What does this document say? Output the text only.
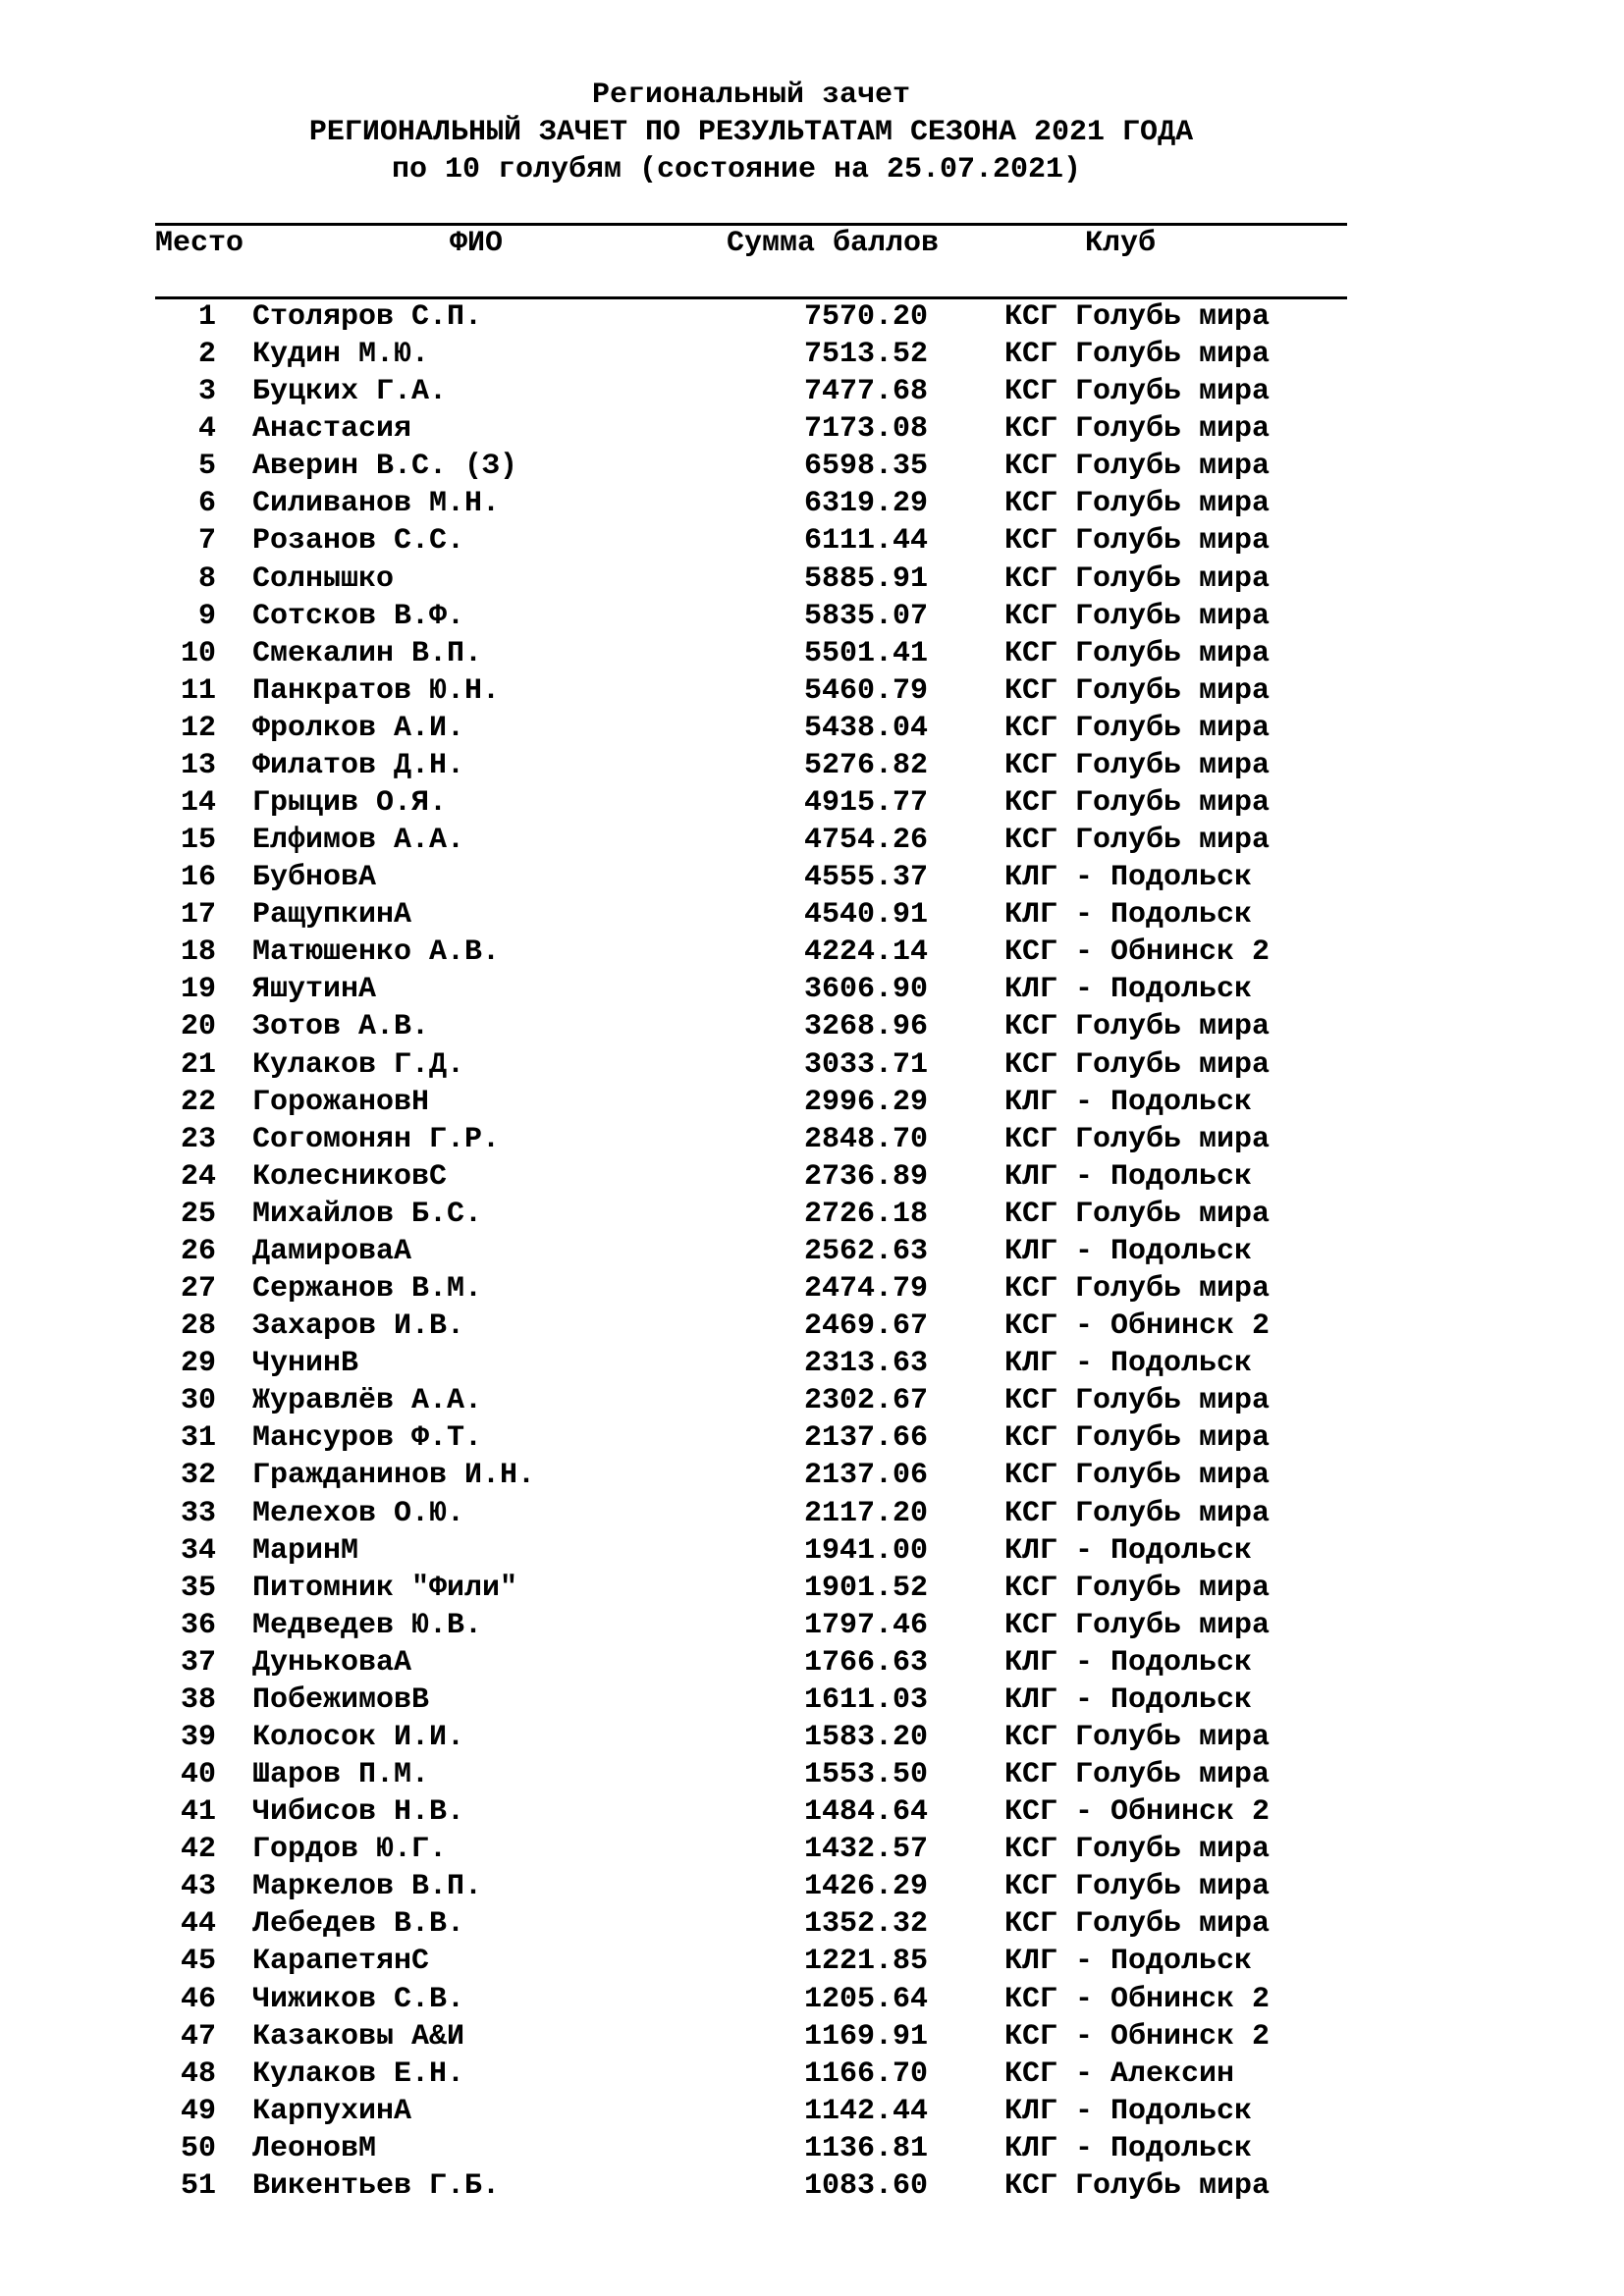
Региональный зачет
РЕГИОНАЛЬНЫЙ ЗАЧЕТ ПО РЕЗУЛЬТАТАМ СЕЗОНА 2021 ГОДА
по 10 голубям (состояние на 25.07.2021)
Место	ФИО	Сумма баллов	Клуб
1 Столяров С.П.	7570.20	КСГ Голубь мира
2 Кудин М.Ю.	7513.52	КСГ Голубь мира
3 Буцких Г.А.	7477.68	КСГ Голубь мира
4 Анастасия	7173.08	КСГ Голубь мира
5 Аверин В.С. (З)	6598.35	КСГ Голубь мира
6 Силиванов М.Н.	6319.29	КСГ Голубь мира
7 Розанов С.С.	6111.44	КСГ Голубь мира
8 Солнышко	5885.91	КСГ Голубь мира
9 Сотсков В.Ф.	5835.07	КСГ Голубь мира
10 Смекалин В.П.	5501.41	КСГ Голубь мира
11 Панкратов Ю.Н.	5460.79	КСГ Голубь мира
12 Фролков А.И.	5438.04	КСГ Голубь мира
13 Филатов Д.Н.	5276.82	КСГ Голубь мира
14 Грыцив О.Я.	4915.77	КСГ Голубь мира
15 Елфимов А.А.	4754.26	КСГ Голубь мира
16 БубновА	4555.37	КЛГ - Подольск
17 РащупкинА	4540.91	КЛГ - Подольск
18 Матюшенко А.В.	4224.14	КСГ - Обнинск 2
19 ЯшутинА	3606.90	КЛГ - Подольск
20 Зотов А.В.	3268.96	КСГ Голубь мира
21 Кулаков Г.Д.	3033.71	КСГ Голубь мира
22 ГорожановН	2996.29	КЛГ - Подольск
23 Согомонян Г.Р.	2848.70	КСГ Голубь мира
24 КолесниковС	2736.89	КЛГ - Подольск
25 Михайлов Б.С.	2726.18	КСГ Голубь мира
26 ДамироваА	2562.63	КЛГ - Подольск
27 Сержанов В.М.	2474.79	КСГ Голубь мира
28 Захаров И.В.	2469.67	КСГ - Обнинск 2
29 ЧунинВ	2313.63	КЛГ - Подольск
30 Журавлёв А.А.	2302.67	КСГ Голубь мира
31 Мансуров Ф.Т.	2137.66	КСГ Голубь мира
32 Гражданинов И.Н.	2137.06	КСГ Голубь мира
33 Мелехов О.Ю.	2117.20	КСГ Голубь мира
34 МаринМ	1941.00	КЛГ - Подольск
35 Питомник "Фили"	1901.52	КСГ Голубь мира
36 Медведев Ю.В.	1797.46	КСГ Голубь мира
37 ДуньковаА	1766.63	КЛГ - Подольск
38 ПобежимовВ	1611.03	КЛГ - Подольск
39 Колосок И.И.	1583.20	КСГ Голубь мира
40 Шаров П.М.	1553.50	КСГ Голубь мира
41 Чибисов Н.В.	1484.64	КСГ - Обнинск 2
42 Гордов Ю.Г.	1432.57	КСГ Голубь мира
43 Маркелов В.П.	1426.29	КСГ Голубь мира
44 Лебедев В.В.	1352.32	КСГ Голубь мира
45 КарапетянС	1221.85	КЛГ - Подольск
46 Чижиков С.В.	1205.64	КСГ - Обнинск 2
47 Казаковы А&И	1169.91	КСГ - Обнинск 2
48 Кулаков Е.Н.	1166.70	КСГ - Алексин
49 КарпухинА	1142.44	КЛГ - Подольск
50 ЛеоновМ	1136.81	КЛГ - Подольск
51 Викентьев Г.Б.	1083.60	КСГ Голубь мира
